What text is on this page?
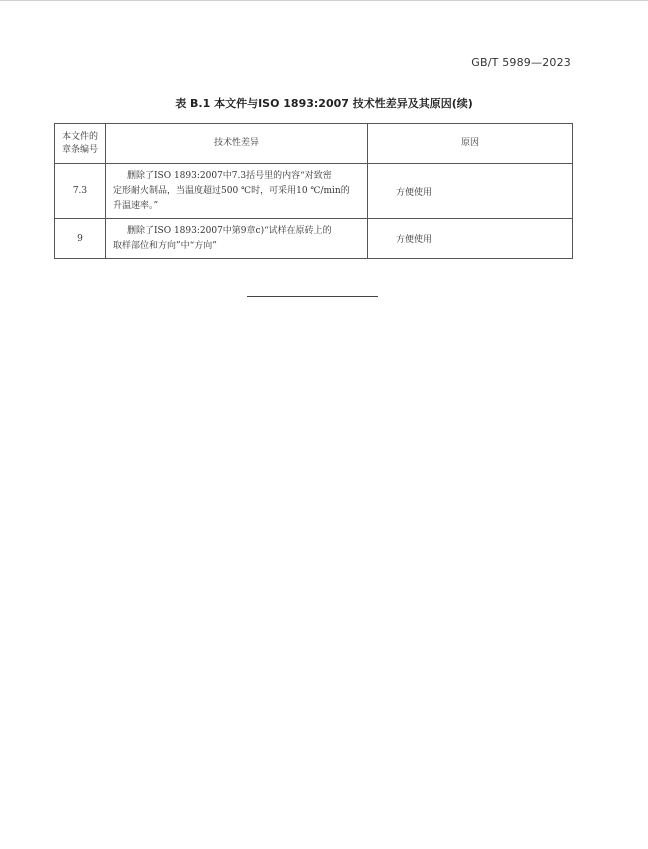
GB/T 5989—2023
表 B.1 本文件与ISO 1893:2007 技术性差异及其原因(续)
本文件的
章条编号	技术性差异	原因
7.3	删除了ISO 1893:2007中7.3括号里的内容“对致密
定形耐火制品，当温度超过500 ℃时，可采用10 ℃/min的
升温速率。”	方便使用
9	删除了ISO 1893:2007中第9章c)“试样在原砖上的
取样部位和方向”中“方向”	方便使用
